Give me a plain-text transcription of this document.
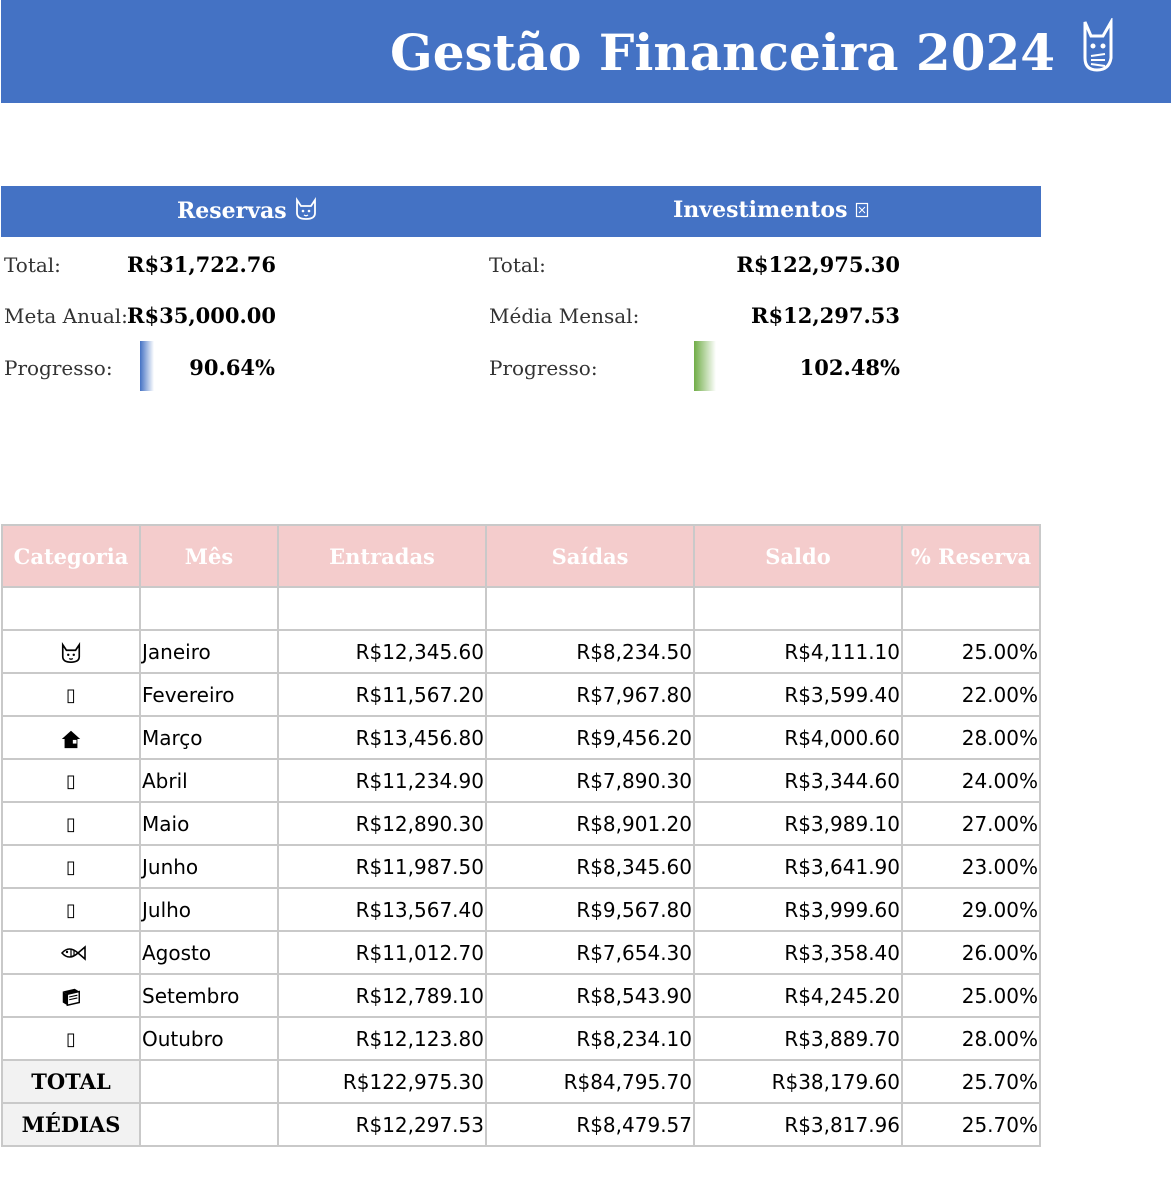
Gestão Financeira 2024
Reservas	Investimentos
Total:	R$31,722.76
Meta Anual: R$35,000.00
Progresso:	90.64%
Total:	R$122,975.30
Média Mensal:	R$12,297.53
Progresso:	102.48%
Categoria	Mês	Entradas	Saídas	Saldo	% Reserva

	Janeiro	R$12,345.60	R$8,234.50	R$4,111.10	25.00%
▯	Fevereiro	R$11,567.20	R$7,967.80	R$3,599.40	22.00%
	Março	R$13,456.80	R$9,456.20	R$4,000.60	28.00%
▯	Abril	R$11,234.90	R$7,890.30	R$3,344.60	24.00%
▯	Maio	R$12,890.30	R$8,901.20	R$3,989.10	27.00%
▯	Junho	R$11,987.50	R$8,345.60	R$3,641.90	23.00%
▯	Julho	R$13,567.40	R$9,567.80	R$3,999.60	29.00%
	Agosto	R$11,012.70	R$7,654.30	R$3,358.40	26.00%
	Setembro	R$12,789.10	R$8,543.90	R$4,245.20	25.00%
▯	Outubro	R$12,123.80	R$8,234.10	R$3,889.70	28.00%
TOTAL		R$122,975.30	R$84,795.70	R$38,179.60	25.70%
MÉDIAS		R$12,297.53	R$8,479.57	R$3,817.96	25.70%
